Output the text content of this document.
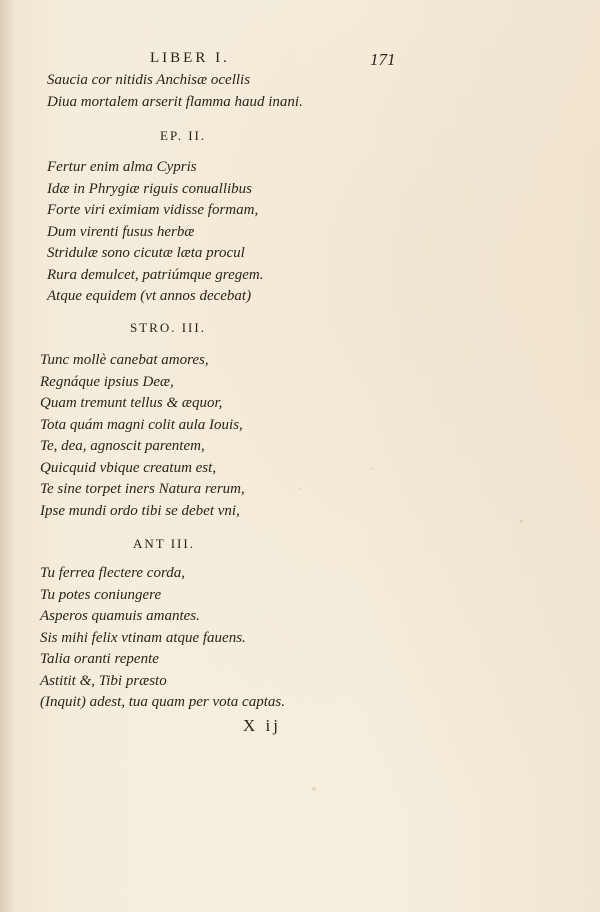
LIBER I.	171
Saucia cor nitidis Anchisæ ocellis
Diua mortalem arserit flamma haud inani.
EP. II.
Fertur enim alma Cypris
Idæ in Phrygiæ riguis conuallibus
Forte viri eximiam vidisse formam,
Dum virenti fusus herbæ
Stridulæ sono cicutæ læta procul
Rura demulcet, patriúmque gregem.
Atque equidem (vt annos decebat)
STRO. III.
Tunc mollè canebat amores,
Regnáque ipsius Deæ,
Quam tremunt tellus & æquor,
Tota quám magni colit aula Iouis,
Te, dea, agnoscit parentem,
Quicquid vbique creatum est,
Te sine torpet iners Natura rerum,
Ipse mundi ordo tibi se debet vni,
ANT III.
Tu ferrea flectere corda,
Tu potes coniungere
Asperos quamuis amantes.
Sis mihi felix vtinam atque fauens.
Talia oranti repente
Astitit &, Tibi præsto
(Inquit) adest, tua quam per vota captas.
X ij
